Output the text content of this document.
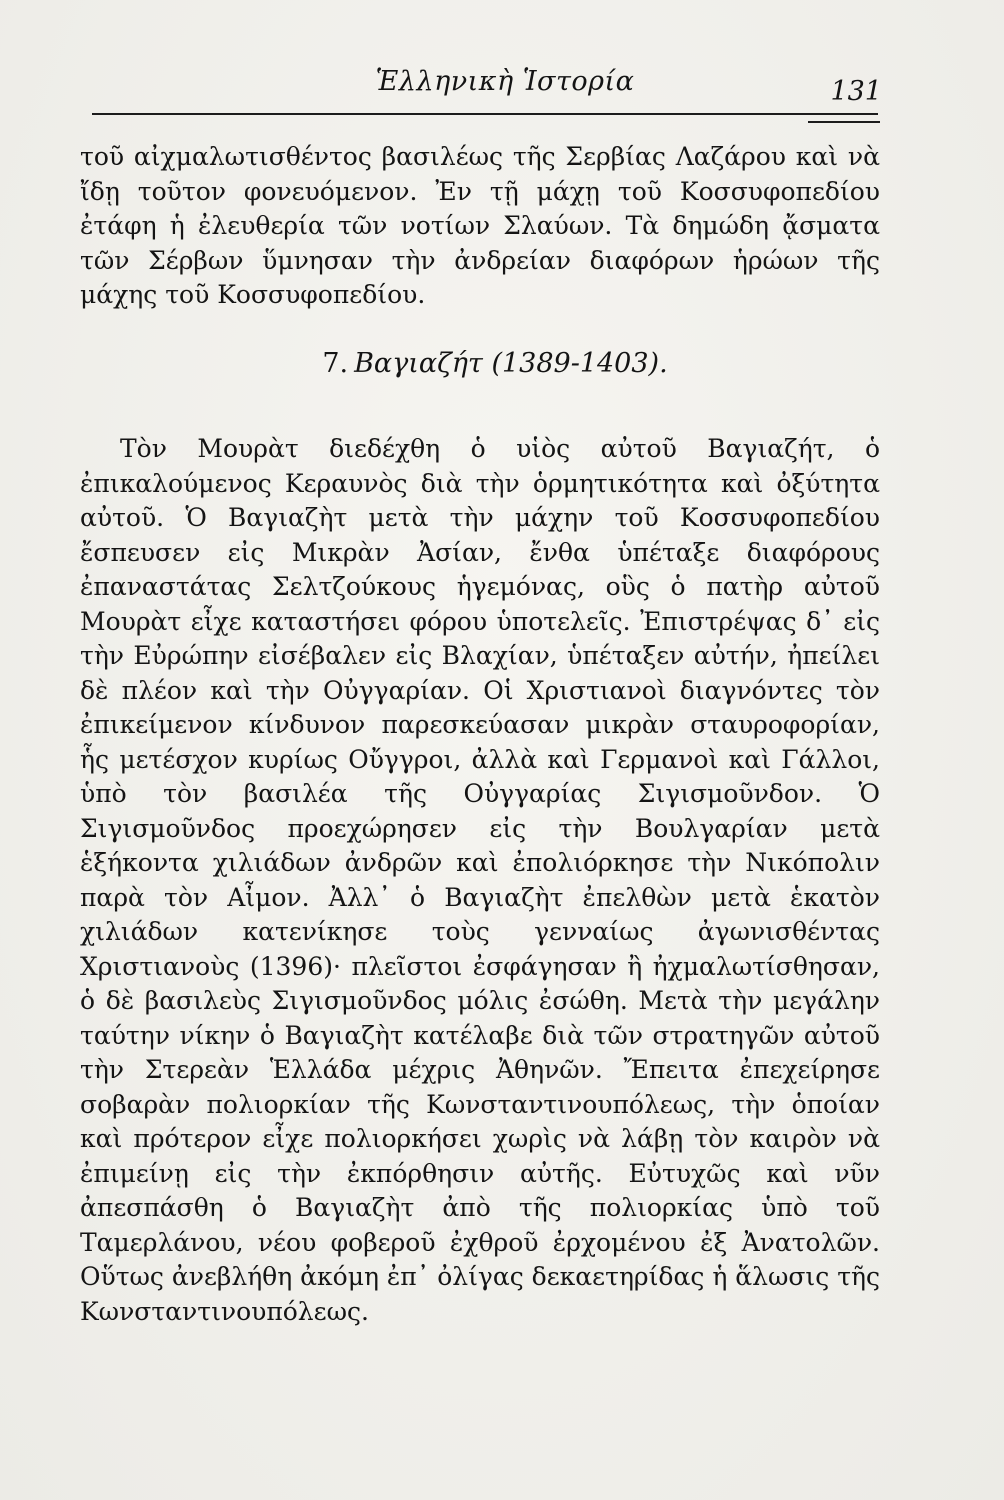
Ἑλληνικὴ Ἱστορία	131

τοῦ αἰχμαλωτισθέντος βασιλέως τῆς Σερβίας Λαζάρου καὶ νὰ ἴδῃ τοῦτον φονευόμενον. Ἐν τῇ μάχῃ τοῦ Κοσσυφοπεδίου ἐτάφη ἡ ἐλευθερία τῶν νοτίων Σλαύων. Τὰ δημώδη ᾄσματα τῶν Σέρβων ὕμνησαν τὴν ἀνδρείαν διαφόρων ἡρώων τῆς μάχης τοῦ Κοσσυφοπεδίου.

7. Βαγιαζήτ (1389-1403).

Τὸν Μουρὰτ διεδέχθη ὁ υἱὸς αὐτοῦ Βαγιαζήτ, ὁ ἐπικαλούμενος Κεραυνὸς διὰ τὴν ὁρμητικότητα καὶ ὀξύτητα αὐτοῦ. Ὁ Βαγιαζὴτ μετὰ τὴν μάχην τοῦ Κοσσυφοπεδίου ἔσπευσεν εἰς Μικρὰν Ἀσίαν, ἔνθα ὑπέταξε διαφόρους ἐπαναστάτας Σελτζούκους ἡγεμόνας, οὓς ὁ πατὴρ αὐτοῦ Μουρὰτ εἶχε καταστήσει φόρου ὑποτελεῖς. Ἐπιστρέψας δ᾽ εἰς τὴν Εὐρώπην εἰσέβαλεν εἰς Βλαχίαν, ὑπέταξεν αὐτήν, ἠπείλει δὲ πλέον καὶ τὴν Οὐγγαρίαν. Οἱ Χριστιανοὶ διαγνόντες τὸν ἐπικείμενον κίνδυνον παρεσκεύασαν μικρὰν σταυροφορίαν, ἧς μετέσχον κυρίως Οὔγγροι, ἀλλὰ καὶ Γερμανοὶ καὶ Γάλλοι, ὑπὸ τὸν βασιλέα τῆς Οὐγγαρίας Σιγισμοῦνδον. Ὁ Σιγισμοῦνδος προεχώρησεν εἰς τὴν Βουλγαρίαν μετὰ ἑξήκοντα χιλιάδων ἀνδρῶν καὶ ἐπολιόρκησε τὴν Νικόπολιν παρὰ τὸν Αἶμον. Ἀλλ᾽ ὁ Βαγιαζὴτ ἐπελθὼν μετὰ ἑκατὸν χιλιάδων κατενίκησε τοὺς γενναίως ἀγωνισθέντας Χριστιανοὺς (1396)· πλεῖστοι ἐσφάγησαν ἢ ἠχμαλωτίσθησαν, ὁ δὲ βασιλεὺς Σιγισμοῦνδος μόλις ἐσώθη. Μετὰ τὴν μεγάλην ταύτην νίκην ὁ Βαγιαζὴτ κατέλαβε διὰ τῶν στρατηγῶν αὐτοῦ τὴν Στερεὰν Ἑλλάδα μέχρις Ἀθηνῶν. Ἔπειτα ἐπεχείρησε σοβαρὰν πολιορκίαν τῆς Κωνσταντινουπόλεως, τὴν ὁποίαν καὶ πρότερον εἶχε πολιορκήσει χωρὶς νὰ λάβῃ τὸν καιρὸν νὰ ἐπιμείνῃ εἰς τὴν ἐκπόρθησιν αὐτῆς. Εὐτυχῶς καὶ νῦν ἀπεσπάσθη ὁ Βαγιαζὴτ ἀπὸ τῆς πολιορκίας ὑπὸ τοῦ Ταμερλάνου, νέου φοβεροῦ ἐχθροῦ ἐρχομένου ἐξ Ἀνατολῶν. Οὕτως ἀνεβλήθη ἀκόμη ἐπ᾽ ὀλίγας δεκαετηρίδας ἡ ἅλωσις τῆς Κωνσταντινουπόλεως.
